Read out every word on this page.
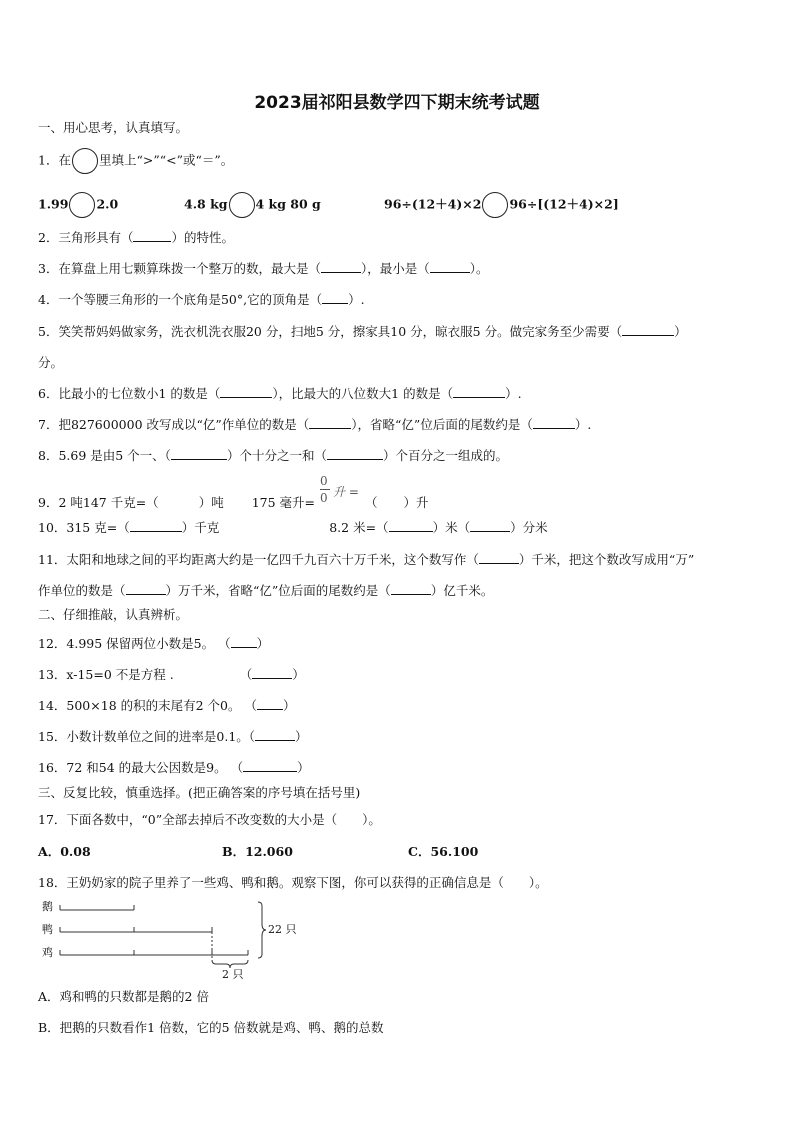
2023届祁阳县数学四下期末统考试题
一、用心思考，认真填写。
1．在 里填上“>”“<”或“＝”。
1.99 2.0	4.8 kg 4 kg 80 g	96÷(12＋4)×2 96÷[(12＋4)×2]
2．三角形具有（	）的特性。
3．在算盘上用七颗算珠拨一个整万的数，最大是（	），最小是（	）。
4．一个等腰三角形的一个底角是50°,它的顶角是（ ）.
5．笑笑帮妈妈做家务，洗衣机洗衣服20 分，扫地5 分，擦家具10 分，晾衣服5 分。做完家务至少需要（	）
分。
6．比最小的七位数小1 的数是（	），比最大的八位数大1 的数是（	）.
7．把827600000 改写成以“亿”作单位的数是（	），省略“亿”位后面的尾数约是（	）.
8．5.69 是由5 个一、（	）个十分之一和（	）个百分之一组成的。
9．2 吨147 千克=（	）吨 175 毫升=	（ ）升
0
0 升 =
10．315 克=（	）千克	8.2 米=（	）米（	）分米
11．太阳和地球之间的平均距离大约是一亿四千九百六十万千米，这个数写作（	）千米，把这个数改写成用“万”
作单位的数是（	）万千米，省略“亿”位后面的尾数约是（	）亿千米。
二、仔细推敲，认真辨析。
12．4.995 保留两位小数是5。 （ ）
13．x-15=0 不是方程 .	（	）
14．500×18 的积的末尾有2 个0。 （ ）
15．小数计数单位之间的进率是0.1。（	）
16．72 和54 的最大公因数是9。 （	）
三、反复比较，慎重选择。(把正确答案的序号填在括号里)
17．下面各数中，“0”全部去掉后不改变数的大小是（　　）。
A．0.08	B．12.060	C．56.100
18．王奶奶家的院子里养了一些鸡、鸭和鹅。观察下图，你可以获得的正确信息是（　　）。
鹅
鸭
鸡
22 只
2 只
A．鸡和鸭的只数都是鹅的2 倍
B．把鹅的只数看作1 倍数，它的5 倍数就是鸡、鸭、鹅的总数
